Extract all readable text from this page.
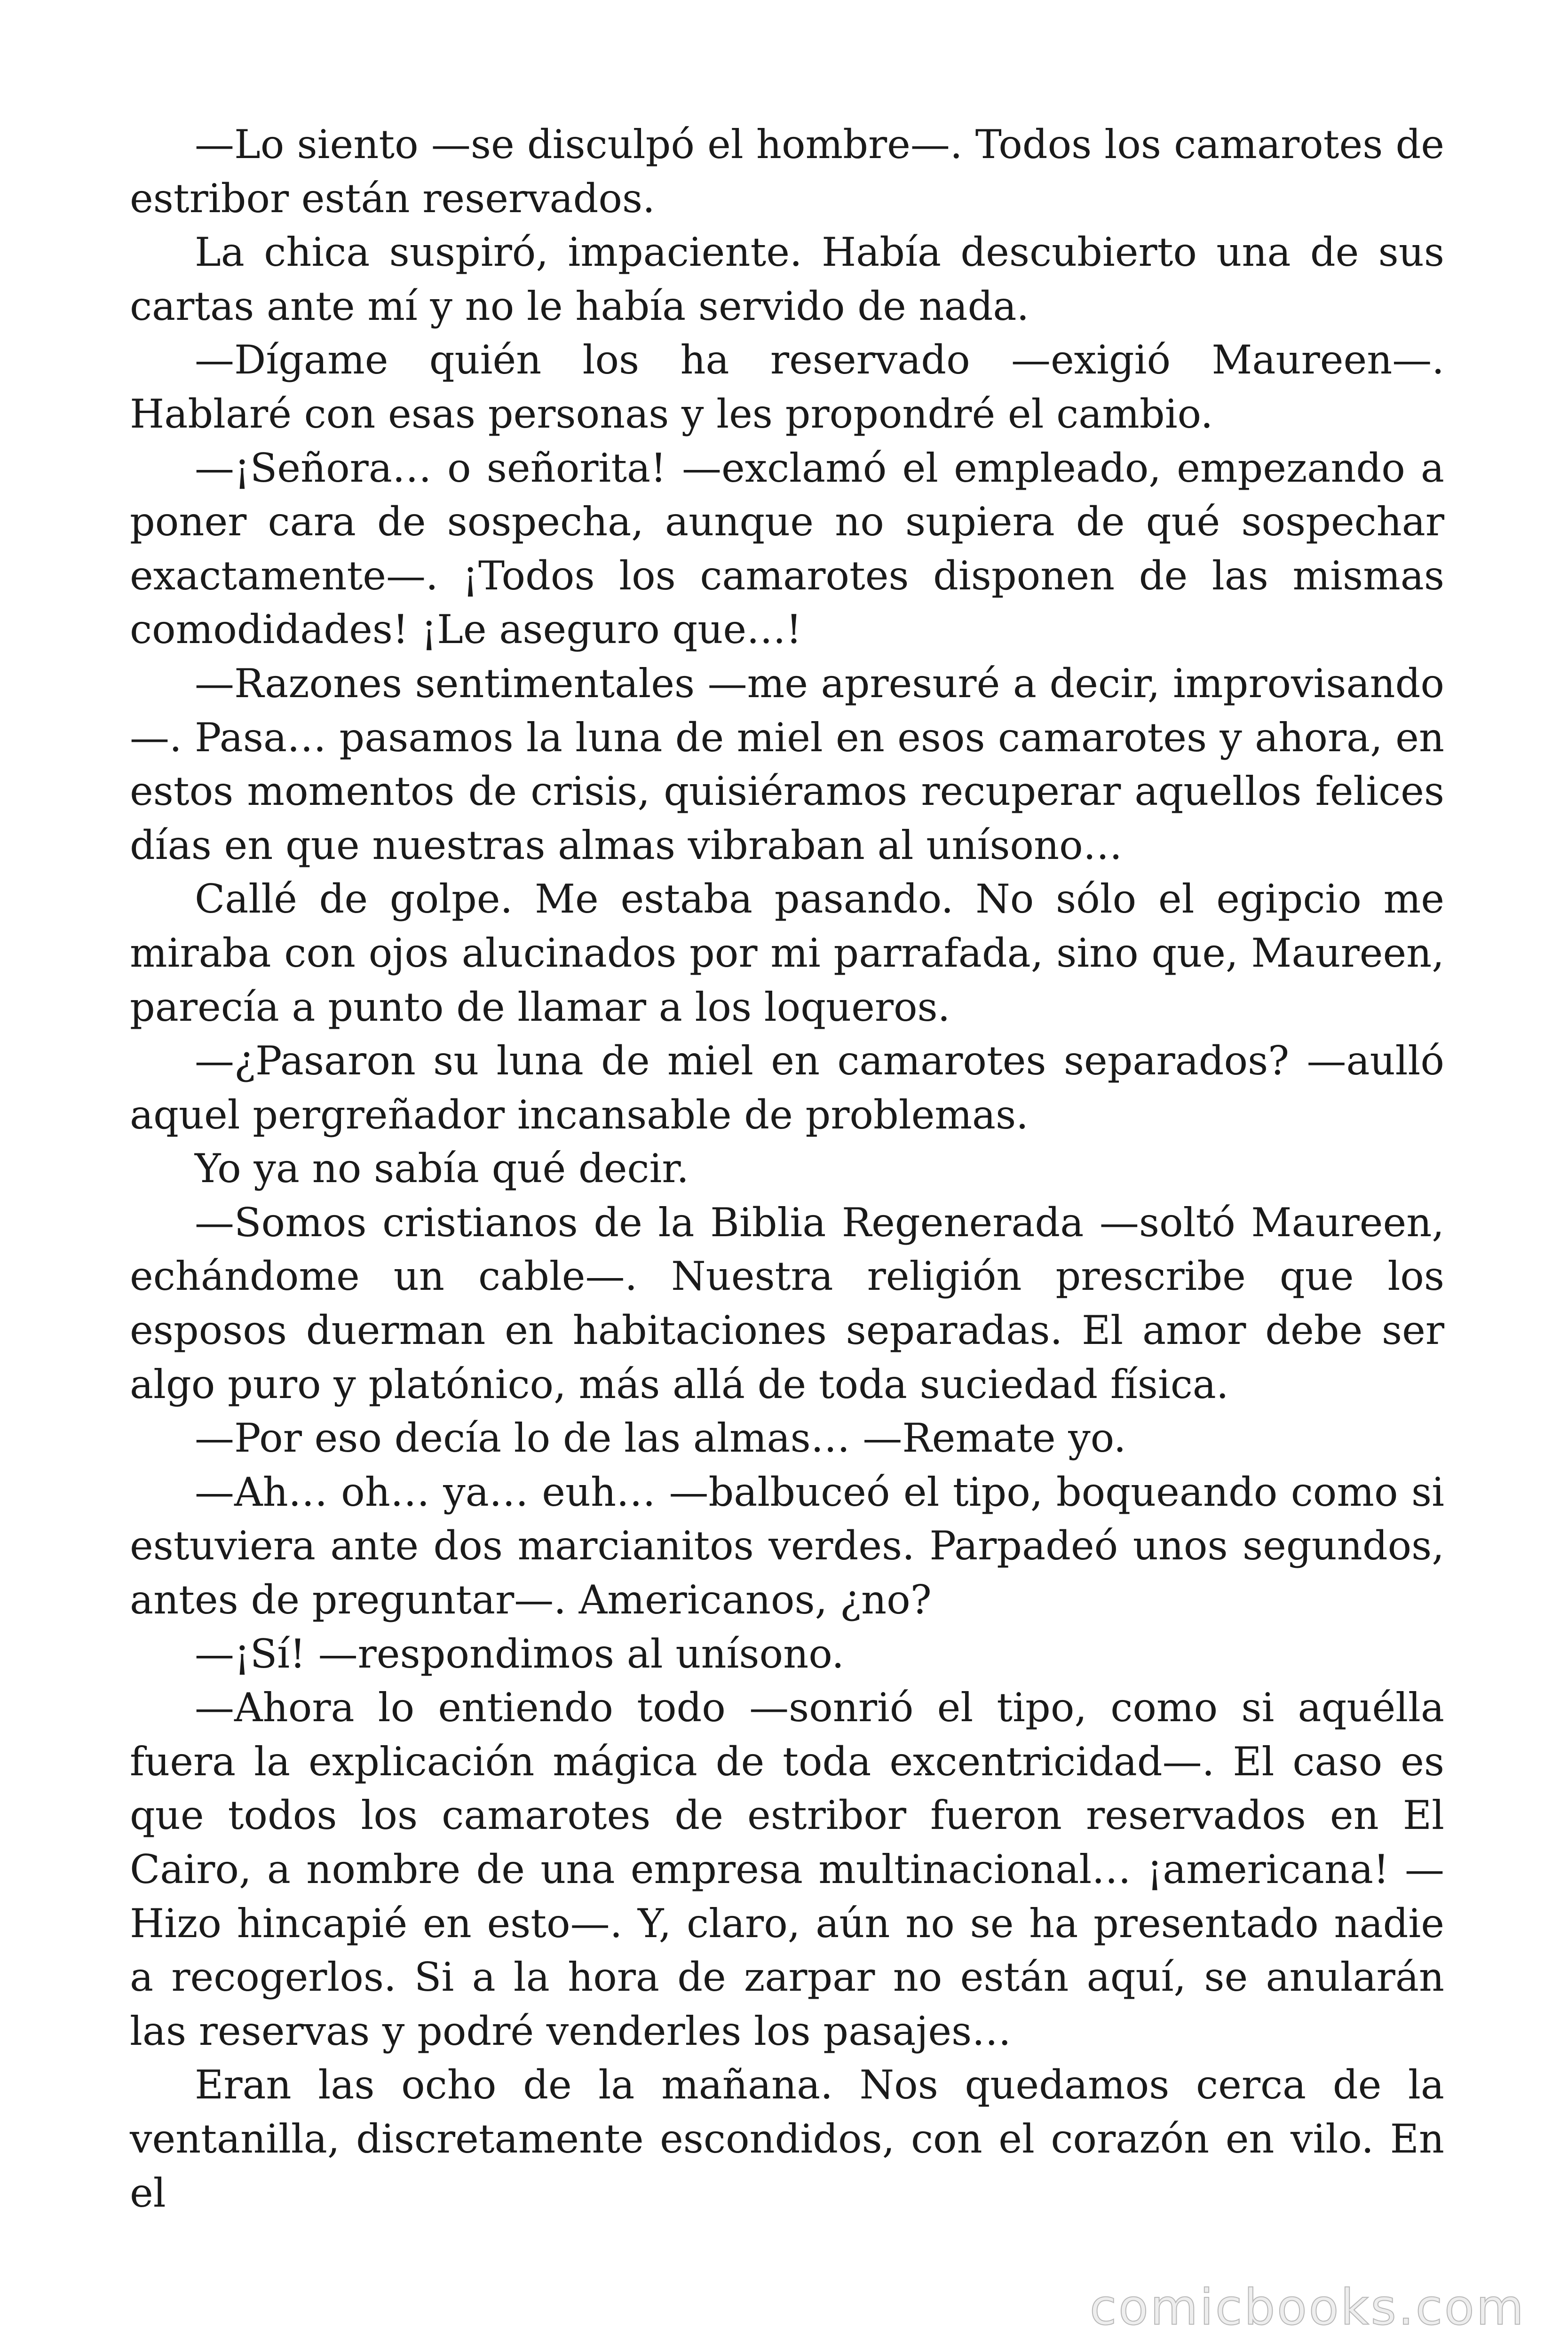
—Lo siento —se disculpó el hombre—. Todos los camarotes de estribor están reservados.

La chica suspiró, impaciente. Había descubierto una de sus cartas ante mí y no le había servido de nada.

—Dígame quién los ha reservado —exigió Maureen—. Hablaré con esas personas y les propondré el cambio.

—¡Señora… o señorita! —exclamó el empleado, empezando a poner cara de sospecha, aunque no supiera de qué sospechar exactamente—. ¡Todos los camarotes disponen de las mismas comodidades! ¡Le aseguro que…!

—Razones sentimentales —me apresuré a decir, improvisando —. Pasa… pasamos la luna de miel en esos camarotes y ahora, en estos momentos de crisis, quisiéramos recuperar aquellos felices días en que nuestras almas vibraban al unísono…

Callé de golpe. Me estaba pasando. No sólo el egipcio me miraba con ojos alucinados por mi parrafada, sino que, Maureen, parecía a punto de llamar a los loqueros.

—¿Pasaron su luna de miel en camarotes separados? —aulló aquel pergreñador incansable de problemas.

Yo ya no sabía qué decir.

—Somos cristianos de la Biblia Regenerada —soltó Maureen, echándome un cable—. Nuestra religión prescribe que los esposos duerman en habitaciones separadas. El amor debe ser algo puro y platónico, más allá de toda suciedad física.

—Por eso decía lo de las almas… —Remate yo.

—Ah… oh… ya… euh… —balbuceó el tipo, boqueando como si estuviera ante dos marcianitos verdes. Parpadeó unos segundos, antes de preguntar—. Americanos, ¿no?

—¡Sí! —respondimos al unísono.

—Ahora lo entiendo todo —sonrió el tipo, como si aquélla fuera la explicación mágica de toda excentricidad—. El caso es que todos los camarotes de estribor fueron reservados en El Cairo, a nombre de una empresa multinacional… ¡americana! —Hizo hincapié en esto—. Y, claro, aún no se ha presentado nadie a recogerlos. Si a la hora de zarpar no están aquí, se anularán las reservas y podré venderles los pasajes…

Eran las ocho de la mañana. Nos quedamos cerca de la ventanilla, discretamente escondidos, con el corazón en vilo. En el

comicbooks.com
